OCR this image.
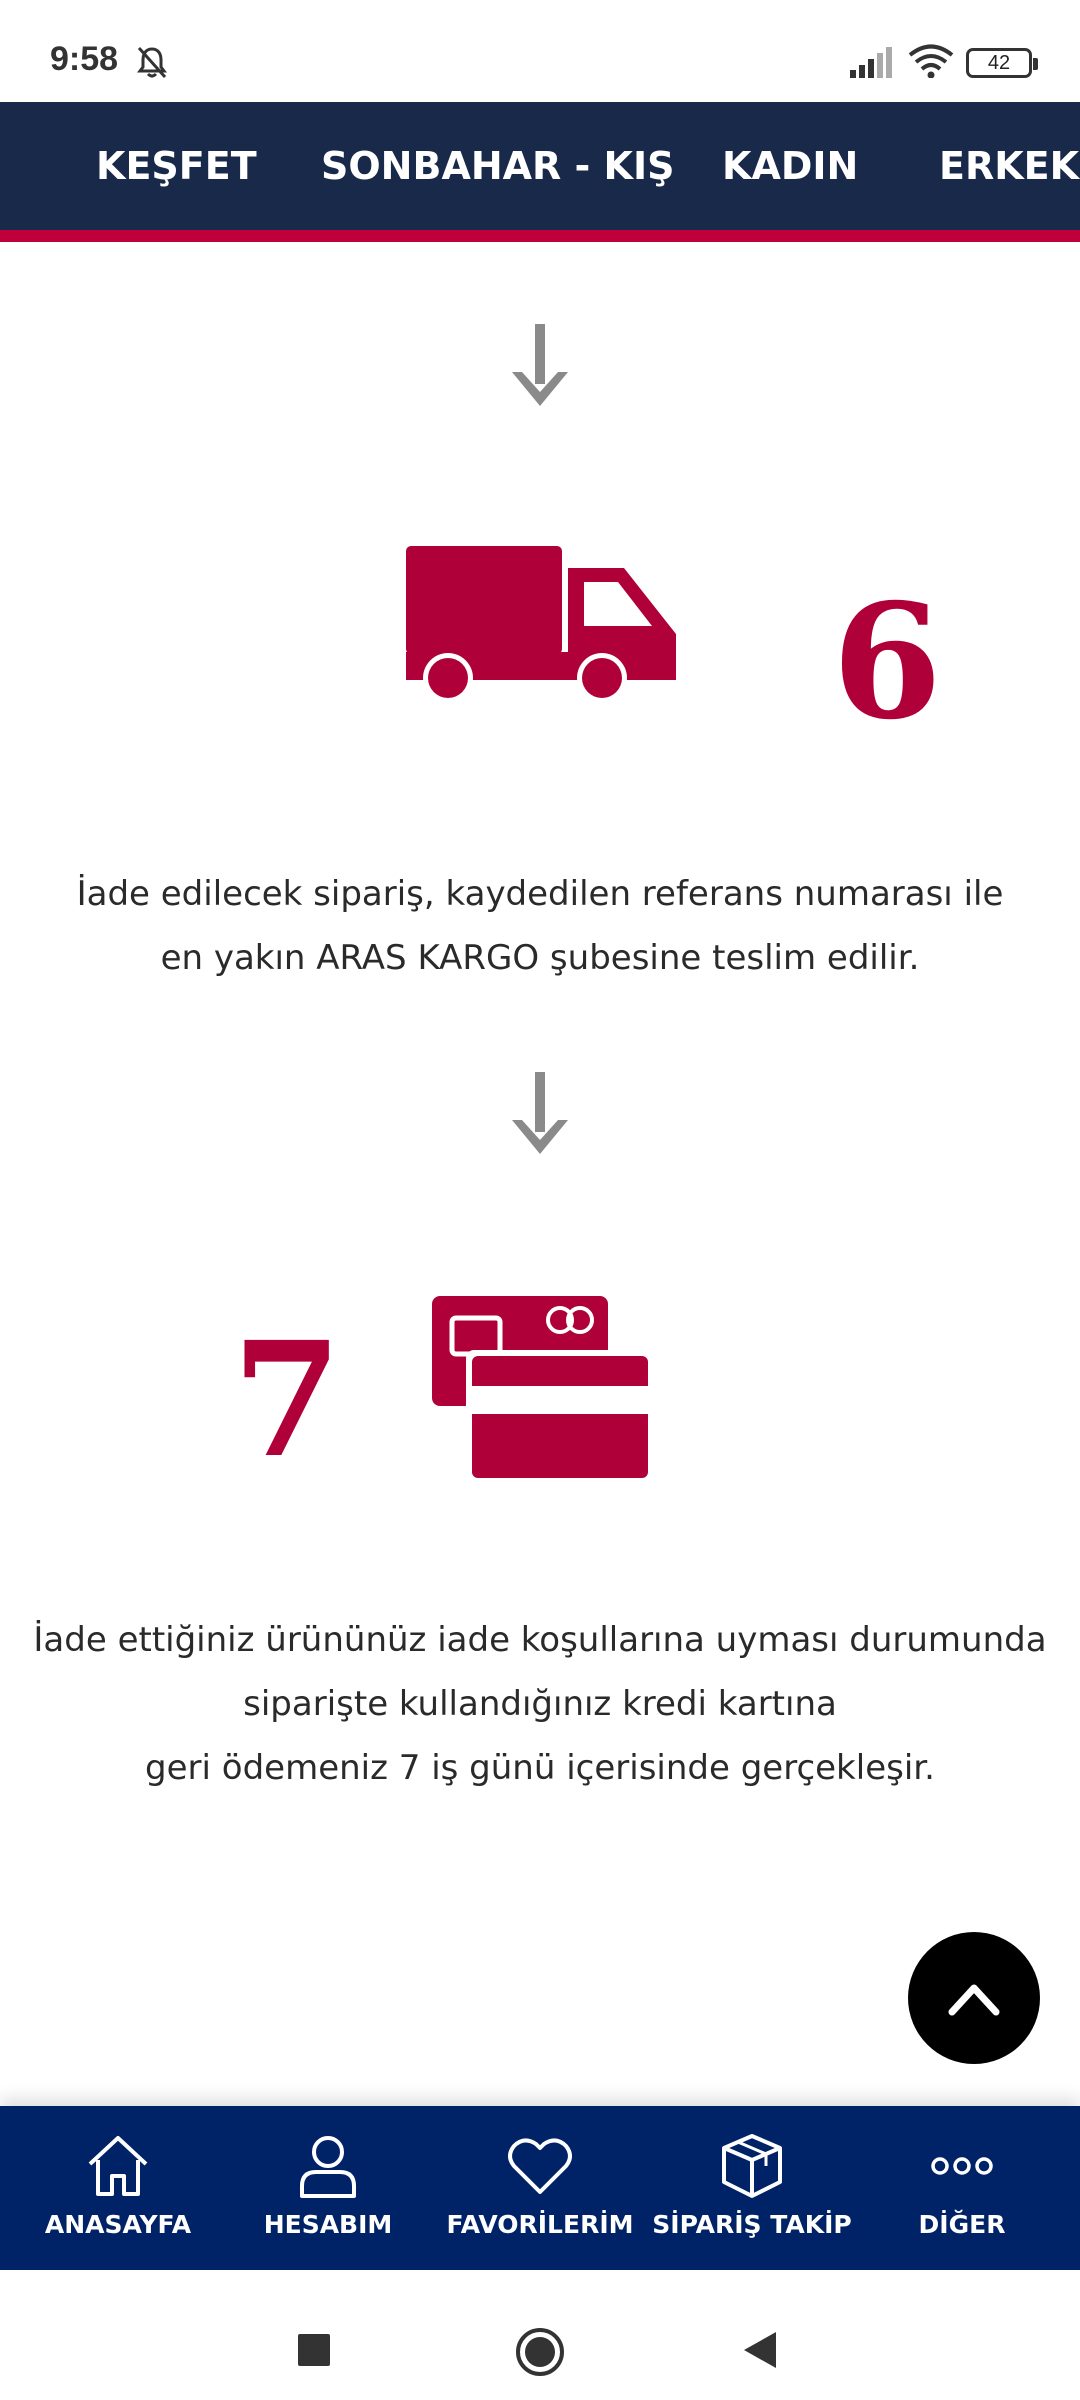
9:58	42
KEŞFET SONBAHAR - KIŞ KADIN ERKEK
6
İade edilecek sipariş, kaydedilen referans numarası ile
en yakın ARAS KARGO şubesine teslim edilir.
7
İade ettiğiniz ürününüz iade koşullarına uyması durumunda
siparişte kullandığınız kredi kartına
geri ödemeniz 7 iş günü içerisinde gerçekleşir.
ANASAYFA	HESABIM	FAVORİLERİM SİPARİŞ TAKİP	DİĞER
